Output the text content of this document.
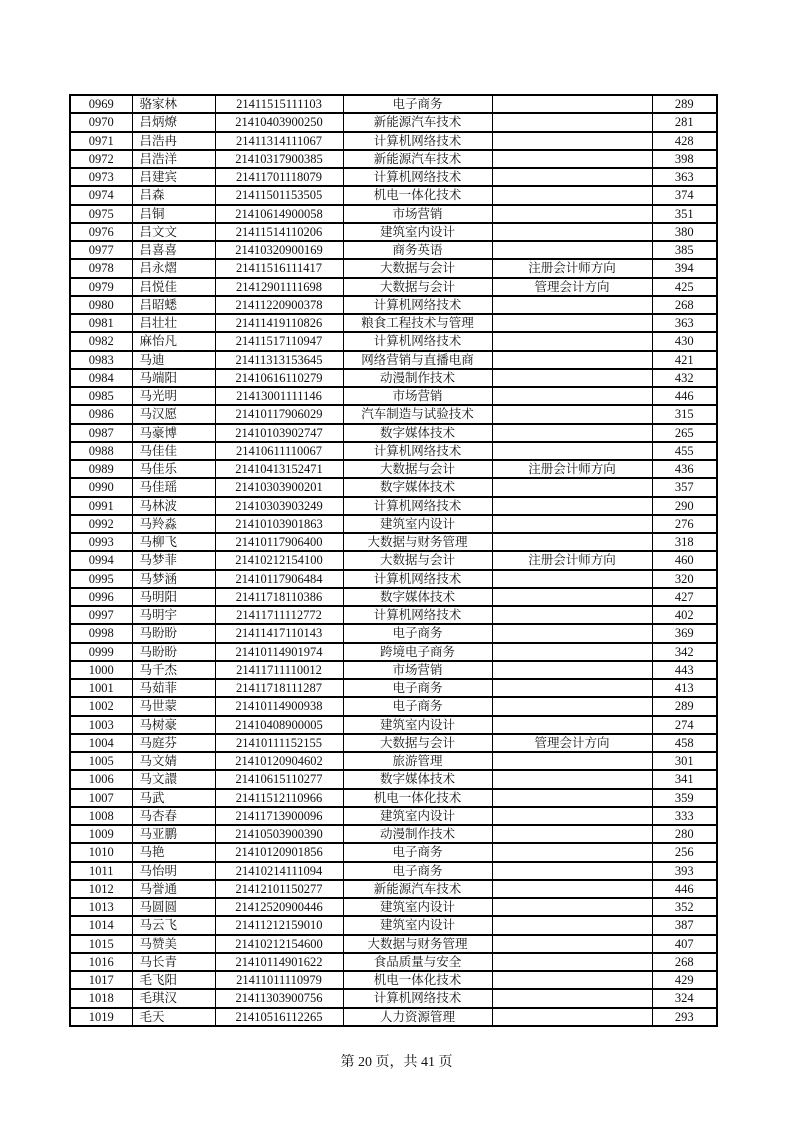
0969	骆家林	21411515111103	电子商务		289
0970	吕炳燎	21410403900250	新能源汽车技术		281
0971	吕浩冉	21411314111067	计算机网络技术		428
0972	吕浩洋	21410317900385	新能源汽车技术		398
0973	吕建宾	21411701118079	计算机网络技术		363
0974	吕森	21411501153505	机电一体化技术		374
0975	吕铜	21410614900058	市场营销		351
0976	吕文文	21411514110206	建筑室内设计		380
0977	吕喜喜	21410320900169	商务英语		385
0978	吕永熠	21411516111417	大数据与会计	注册会计师方向	394
0979	吕悦佳	21412901111698	大数据与会计	管理会计方向	425
0980	吕昭蟋	21411220900378	计算机网络技术		268
0981	吕壮壮	21411419110826	粮食工程技术与管理		363
0982	麻怡凡	21411517110947	计算机网络技术		430
0983	马迪	21411313153645	网络营销与直播电商		421
0984	马端阳	21410616110279	动漫制作技术		432
0985	马光明	21413001111146	市场营销		446
0986	马汉愿	21410117906029	汽车制造与试验技术		315
0987	马豪博	21410103902747	数字媒体技术		265
0988	马佳佳	21410611110067	计算机网络技术		455
0989	马佳乐	21410413152471	大数据与会计	注册会计师方向	436
0990	马佳瑶	21410303900201	数字媒体技术		357
0991	马林波	21410303903249	计算机网络技术		290
0992	马羚淼	21410103901863	建筑室内设计		276
0993	马柳飞	21410117906400	大数据与财务管理		318
0994	马梦菲	21410212154100	大数据与会计	注册会计师方向	460
0995	马梦涵	21410117906484	计算机网络技术		320
0996	马明阳	21411718110386	数字媒体技术		427
0997	马明宇	21411711112772	计算机网络技术		402
0998	马盼盼	21411417110143	电子商务		369
0999	马盼盼	21410114901974	跨境电子商务		342
1000	马千杰	21411711110012	市场营销		443
1001	马茹菲	21411718111287	电子商务		413
1002	马世蒙	21410114900938	电子商务		289
1003	马树豪	21410408900005	建筑室内设计		274
1004	马庭芬	21410111152155	大数据与会计	管理会计方向	458
1005	马文婧	21410120904602	旅游管理		301
1006	马文譞	21410615110277	数字媒体技术		341
1007	马武	21411512110966	机电一体化技术		359
1008	马杏春	21411713900096	建筑室内设计		333
1009	马亚鹏	21410503900390	动漫制作技术		280
1010	马艳	21410120901856	电子商务		256
1011	马怡明	21410214111094	电子商务		393
1012	马誉通	21412101150277	新能源汽车技术		446
1013	马圆圆	21412520900446	建筑室内设计		352
1014	马云飞	21411212159010	建筑室内设计		387
1015	马赞美	21410212154600	大数据与财务管理		407
1016	马长青	21410114901622	食品质量与安全		268
1017	毛飞阳	21411011110979	机电一体化技术		429
1018	毛琪汉	21411303900756	计算机网络技术		324
1019	毛天	21410516112265	人力资源管理		293
第 20 页，共 41 页
